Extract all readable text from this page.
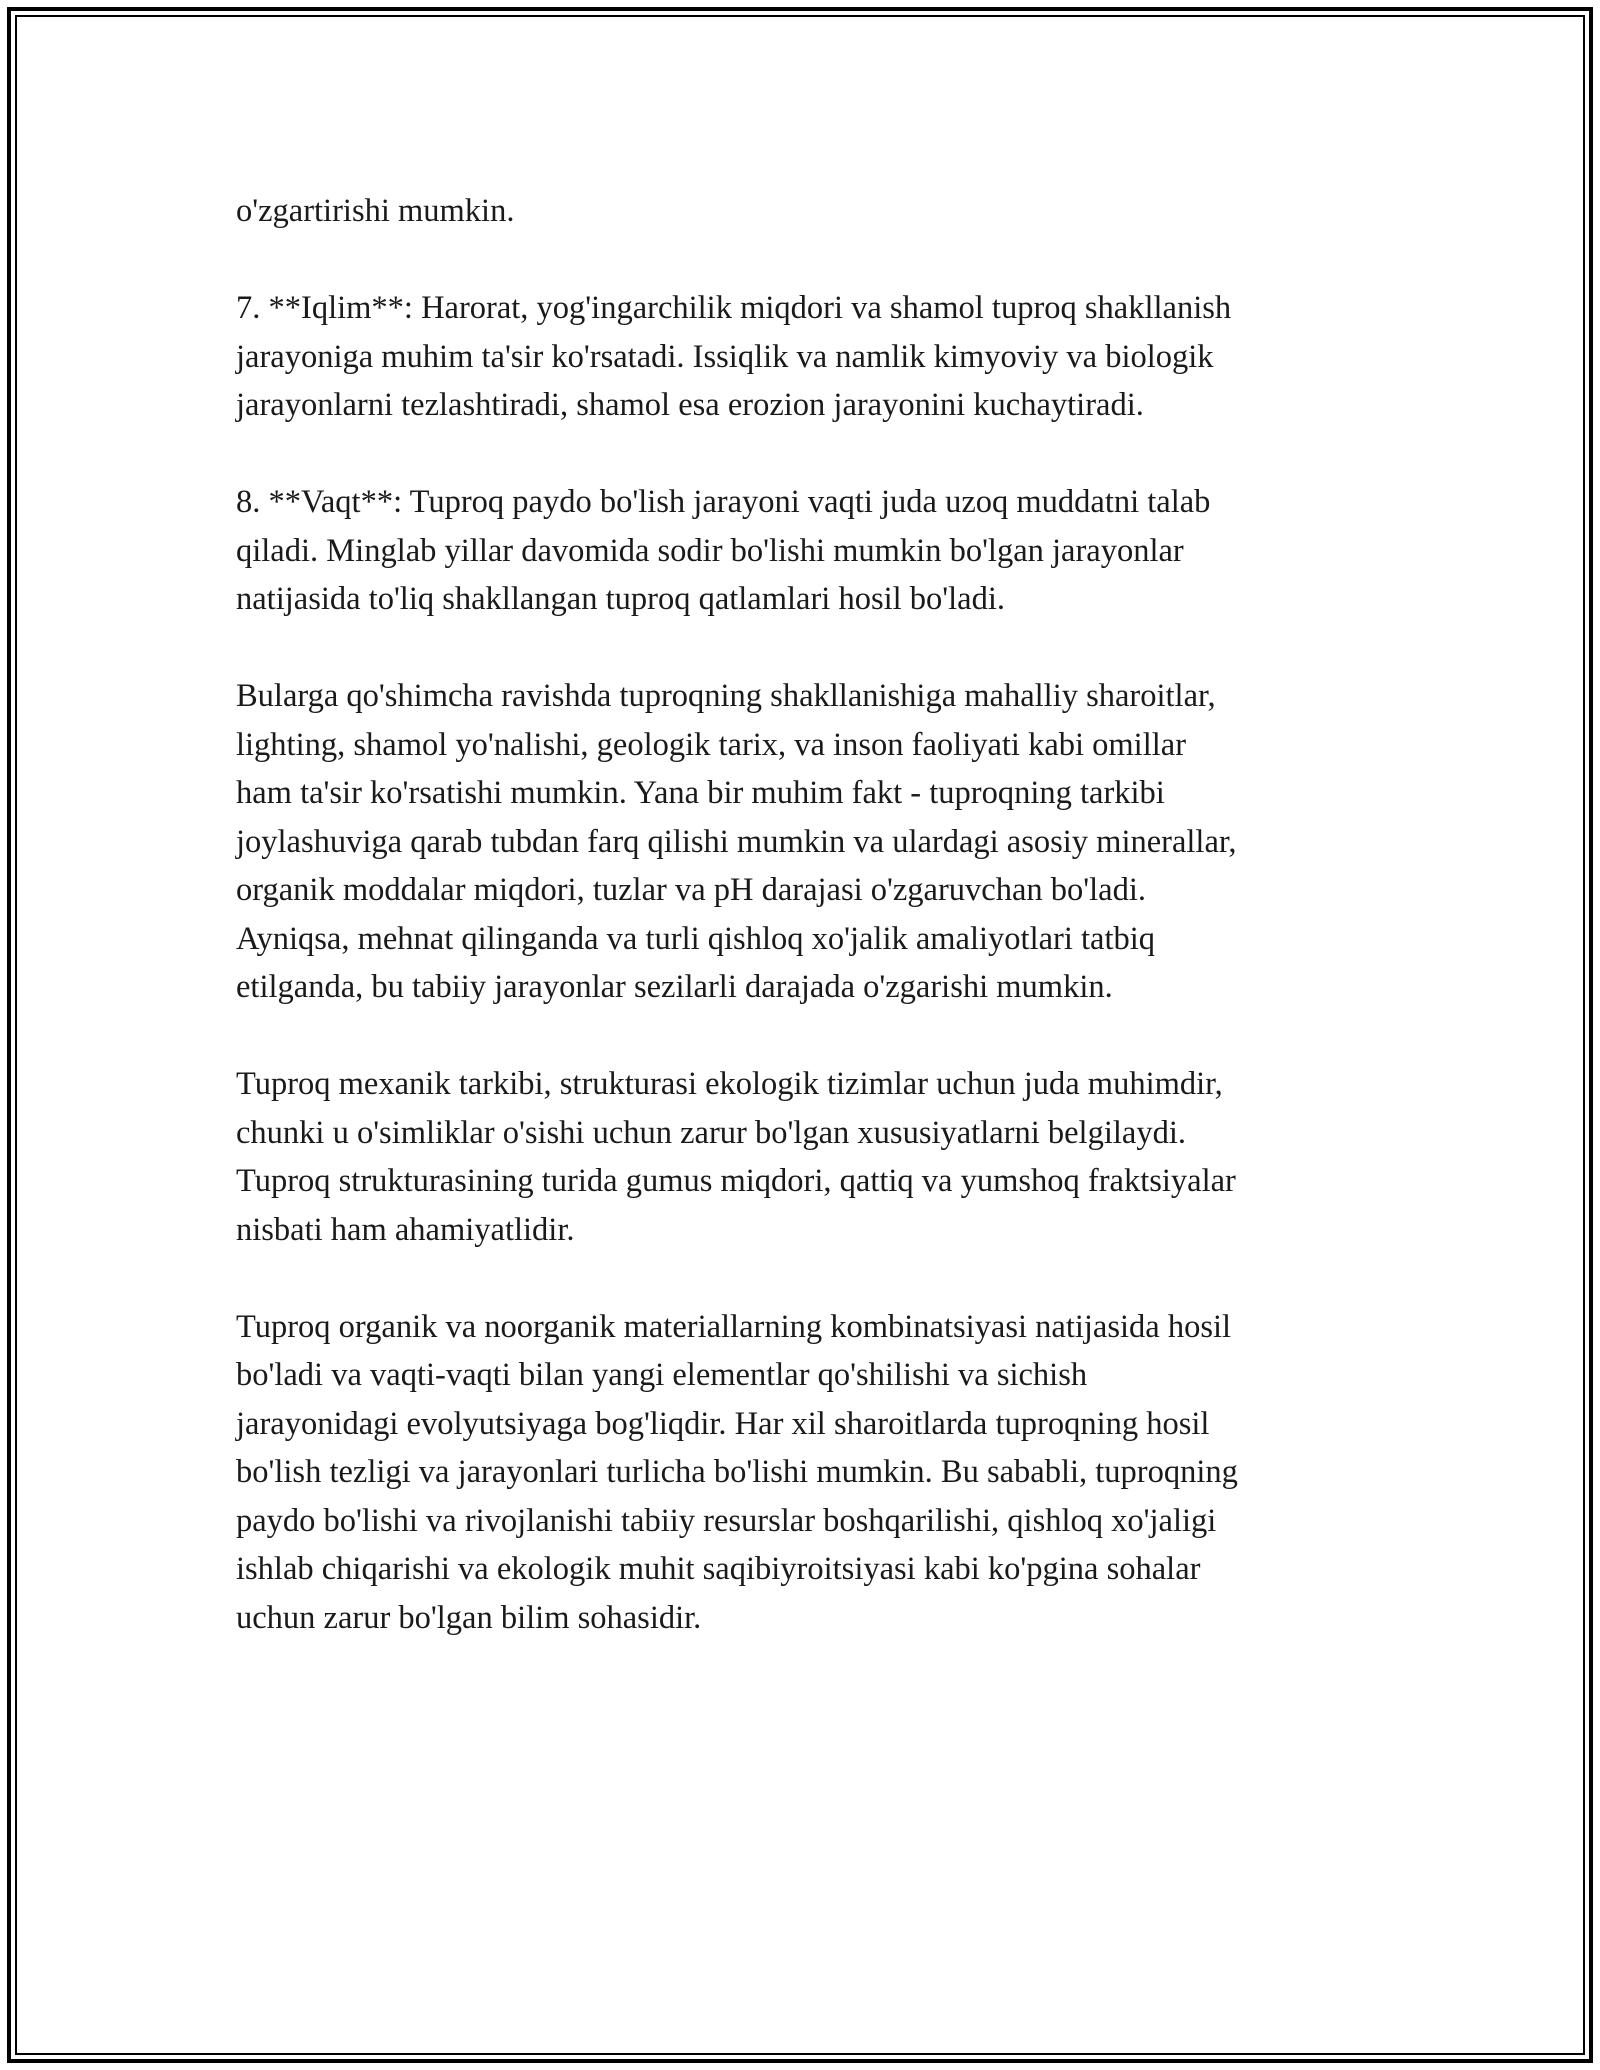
o'zgartirishi mumkin.

7. **Iqlim**: Harorat, yog'ingarchilik miqdori va shamol tuproq shakllanish
jarayoniga muhim ta'sir ko'rsatadi. Issiqlik va namlik kimyoviy va biologik
jarayonlarni tezlashtiradi, shamol esa erozion jarayonini kuchaytiradi.

8. **Vaqt**: Tuproq paydo bo'lish jarayoni vaqti juda uzoq muddatni talab
qiladi. Minglab yillar davomida sodir bo'lishi mumkin bo'lgan jarayonlar
natijasida to'liq shakllangan tuproq qatlamlari hosil bo'ladi.

Bularga qo'shimcha ravishda tuproqning shakllanishiga mahalliy sharoitlar,
lighting, shamol yo'nalishi, geologik tarix, va inson faoliyati kabi omillar
ham ta'sir ko'rsatishi mumkin. Yana bir muhim fakt - tuproqning tarkibi
joylashuviga qarab tubdan farq qilishi mumkin va ulardagi asosiy minerallar,
organik moddalar miqdori, tuzlar va pH darajasi o'zgaruvchan bo'ladi.
Ayniqsa, mehnat qilinganda va turli qishloq xo'jalik amaliyotlari tatbiq
etilganda, bu tabiiy jarayonlar sezilarli darajada o'zgarishi mumkin.

Tuproq mexanik tarkibi, strukturasi ekologik tizimlar uchun juda muhimdir,
chunki u o'simliklar o'sishi uchun zarur bo'lgan xususiyatlarni belgilaydi.
Tuproq strukturasining turida gumus miqdori, qattiq va yumshoq fraktsiyalar
nisbati ham ahamiyatlidir.

Tuproq organik va noorganik materiallarning kombinatsiyasi natijasida hosil
bo'ladi va vaqti-vaqti bilan yangi elementlar qo'shilishi va sichish
jarayonidagi evolyutsiyaga bog'liqdir. Har xil sharoitlarda tuproqning hosil
bo'lish tezligi va jarayonlari turlicha bo'lishi mumkin. Bu sababli, tuproqning
paydo bo'lishi va rivojlanishi tabiiy resurslar boshqarilishi, qishloq xo'jaligi
ishlab chiqarishi va ekologik muhit saqibiyroitsiyasi kabi ko'pgina sohalar
uchun zarur bo'lgan bilim sohasidir.
